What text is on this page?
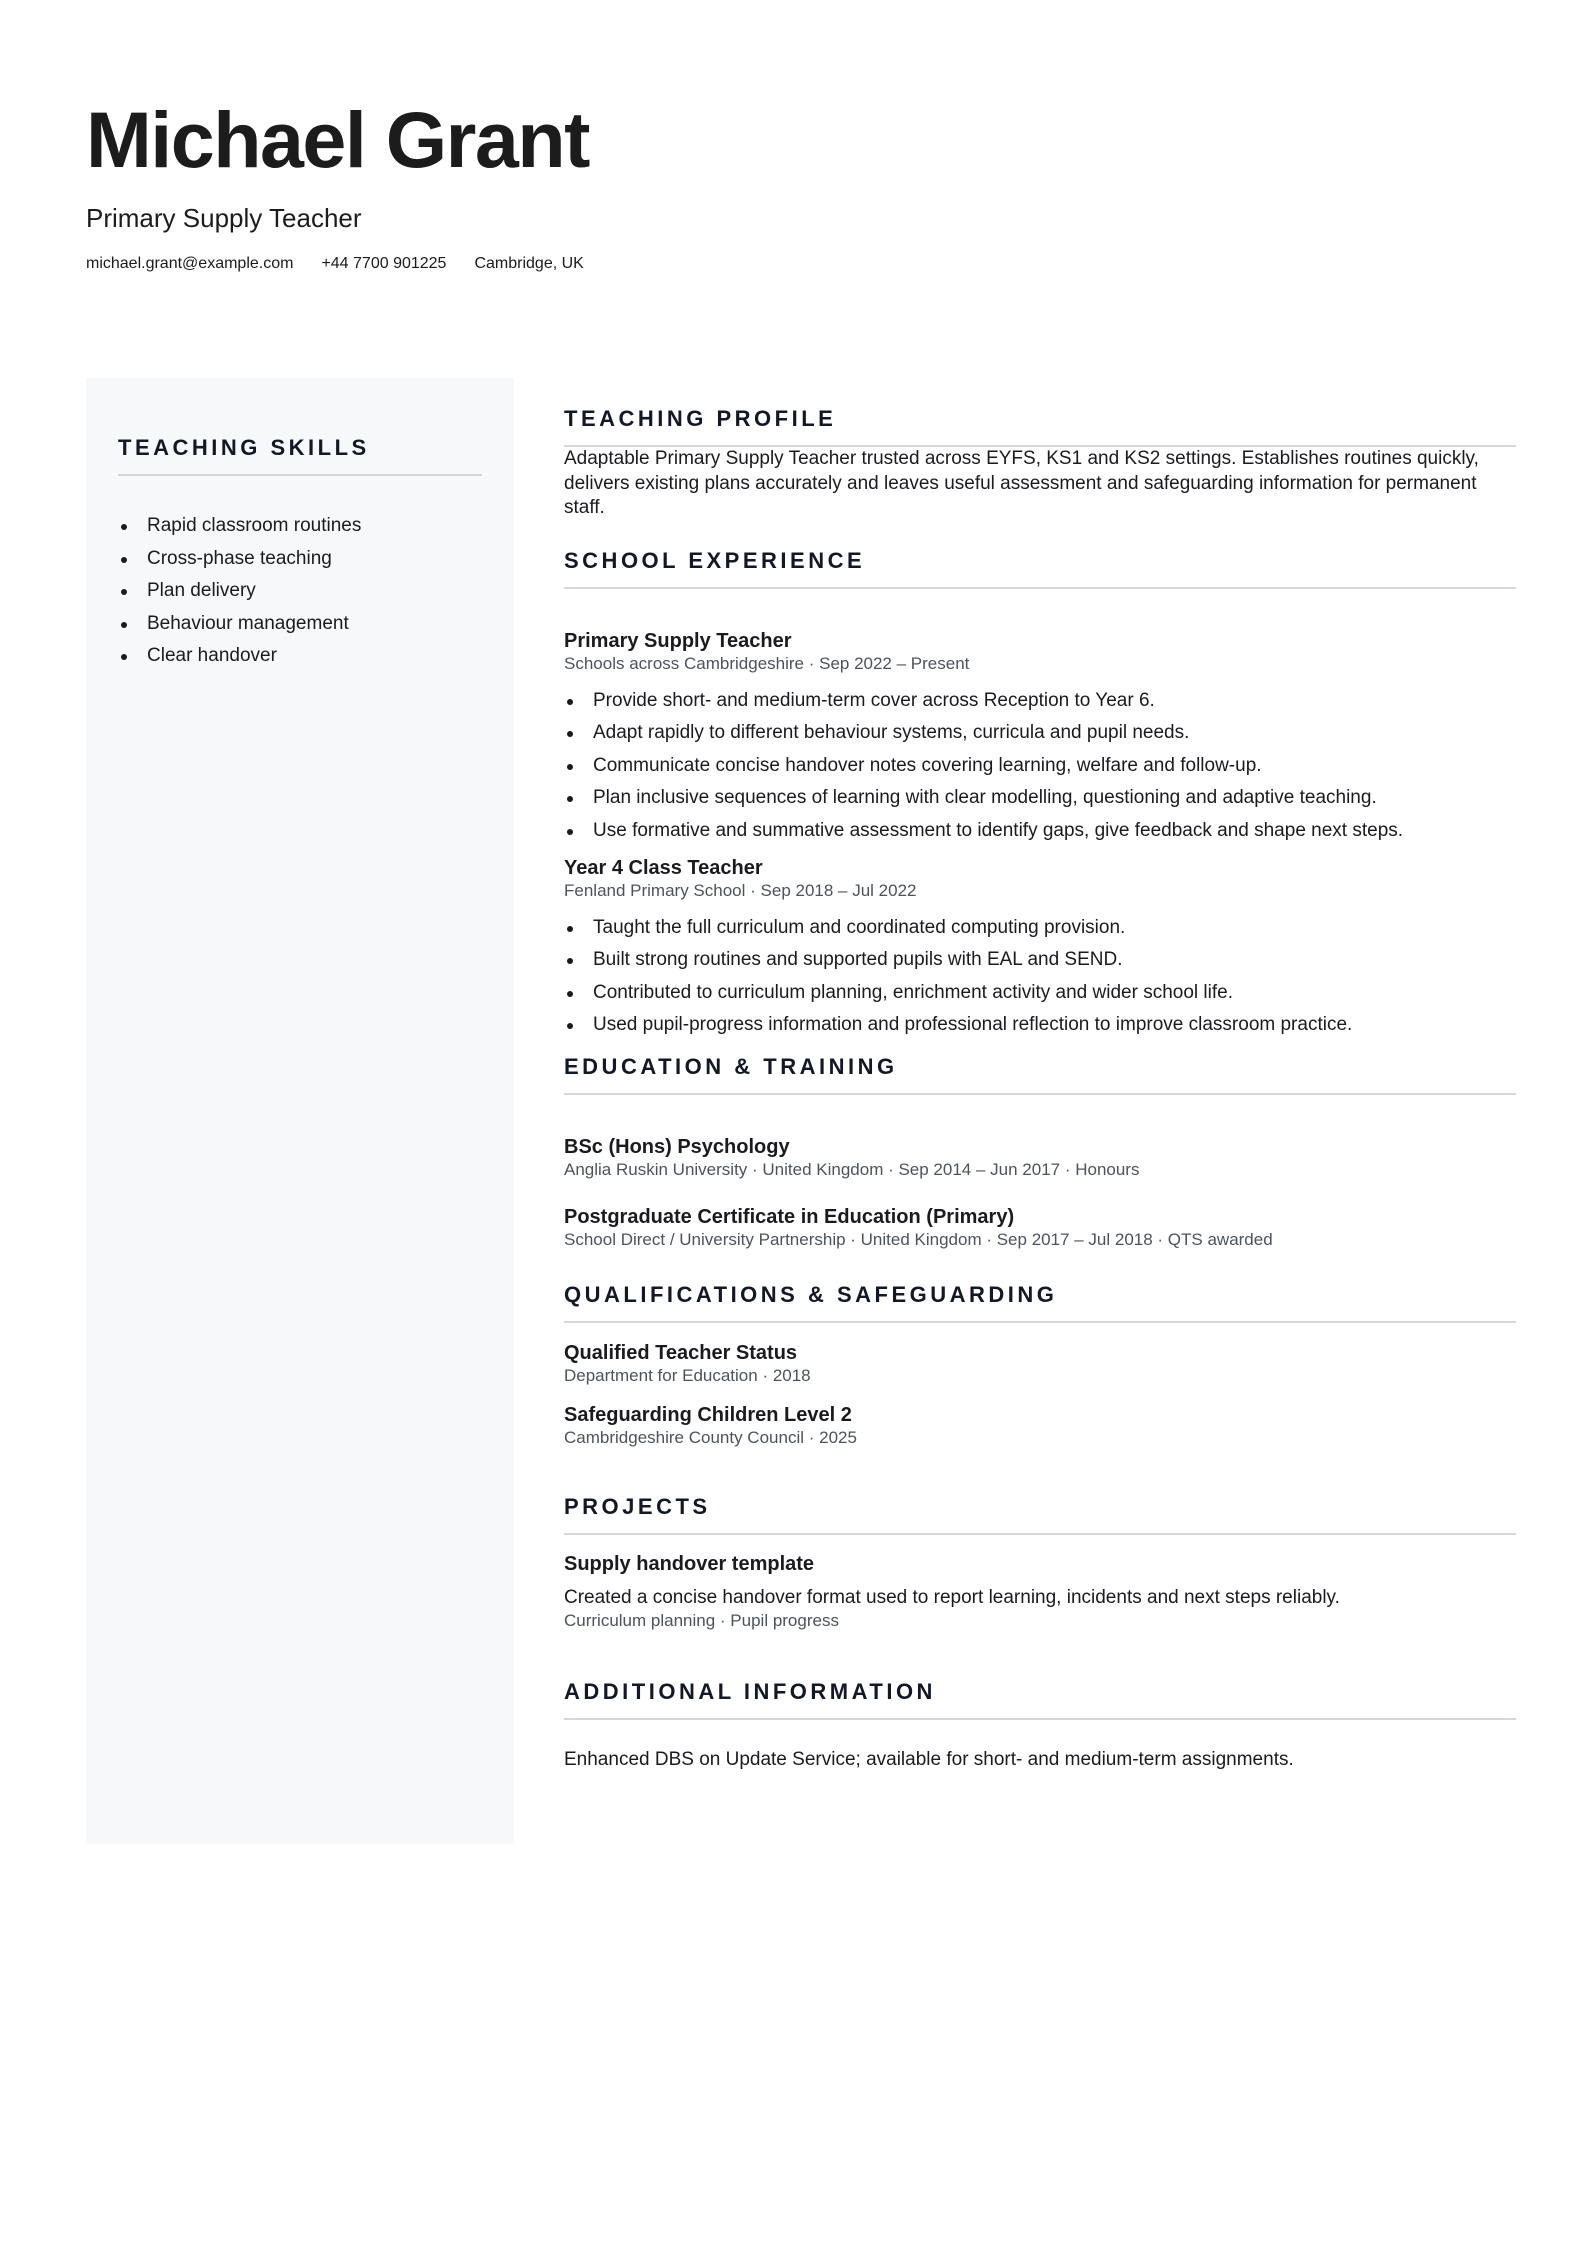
Michael Grant
Primary Supply Teacher
michael.grant@example.com +44 7700 901225 Cambridge, UK
TEACHING SKILLS
Rapid classroom routines
Cross-phase teaching
Plan delivery
Behaviour management
Clear handover
TEACHING PROFILE

Adaptable Primary Supply Teacher trusted across EYFS, KS1 and KS2 settings. Establishes routines quickly, delivers existing plans accurately and leaves useful assessment and safeguarding information for permanent staff.

SCHOOL EXPERIENCE
Primary Supply Teacher
Schools across Cambridgeshire · Sep 2022 – Present
Provide short- and medium-term cover across Reception to Year 6.
Adapt rapidly to different behaviour systems, curricula and pupil needs.
Communicate concise handover notes covering learning, welfare and follow-up.
Plan inclusive sequences of learning with clear modelling, questioning and adaptive teaching.
Use formative and summative assessment to identify gaps, give feedback and shape next steps.
Year 4 Class Teacher
Fenland Primary School · Sep 2018 – Jul 2022
Taught the full curriculum and coordinated computing provision.
Built strong routines and supported pupils with EAL and SEND.
Contributed to curriculum planning, enrichment activity and wider school life.
Used pupil-progress information and professional reflection to improve classroom practice.
EDUCATION & TRAINING
BSc (Hons) Psychology
Anglia Ruskin University · United Kingdom · Sep 2014 – Jun 2017 · Honours
Postgraduate Certificate in Education (Primary)
School Direct / University Partnership · United Kingdom · Sep 2017 – Jul 2018 · QTS awarded
QUALIFICATIONS & SAFEGUARDING
Qualified Teacher Status
Department for Education · 2018
Safeguarding Children Level 2
Cambridgeshire County Council · 2025
PROJECTS
Supply handover template
Created a concise handover format used to report learning, incidents and next steps reliably.
Curriculum planning · Pupil progress
ADDITIONAL INFORMATION

Enhanced DBS on Update Service; available for short- and medium-term assignments.
